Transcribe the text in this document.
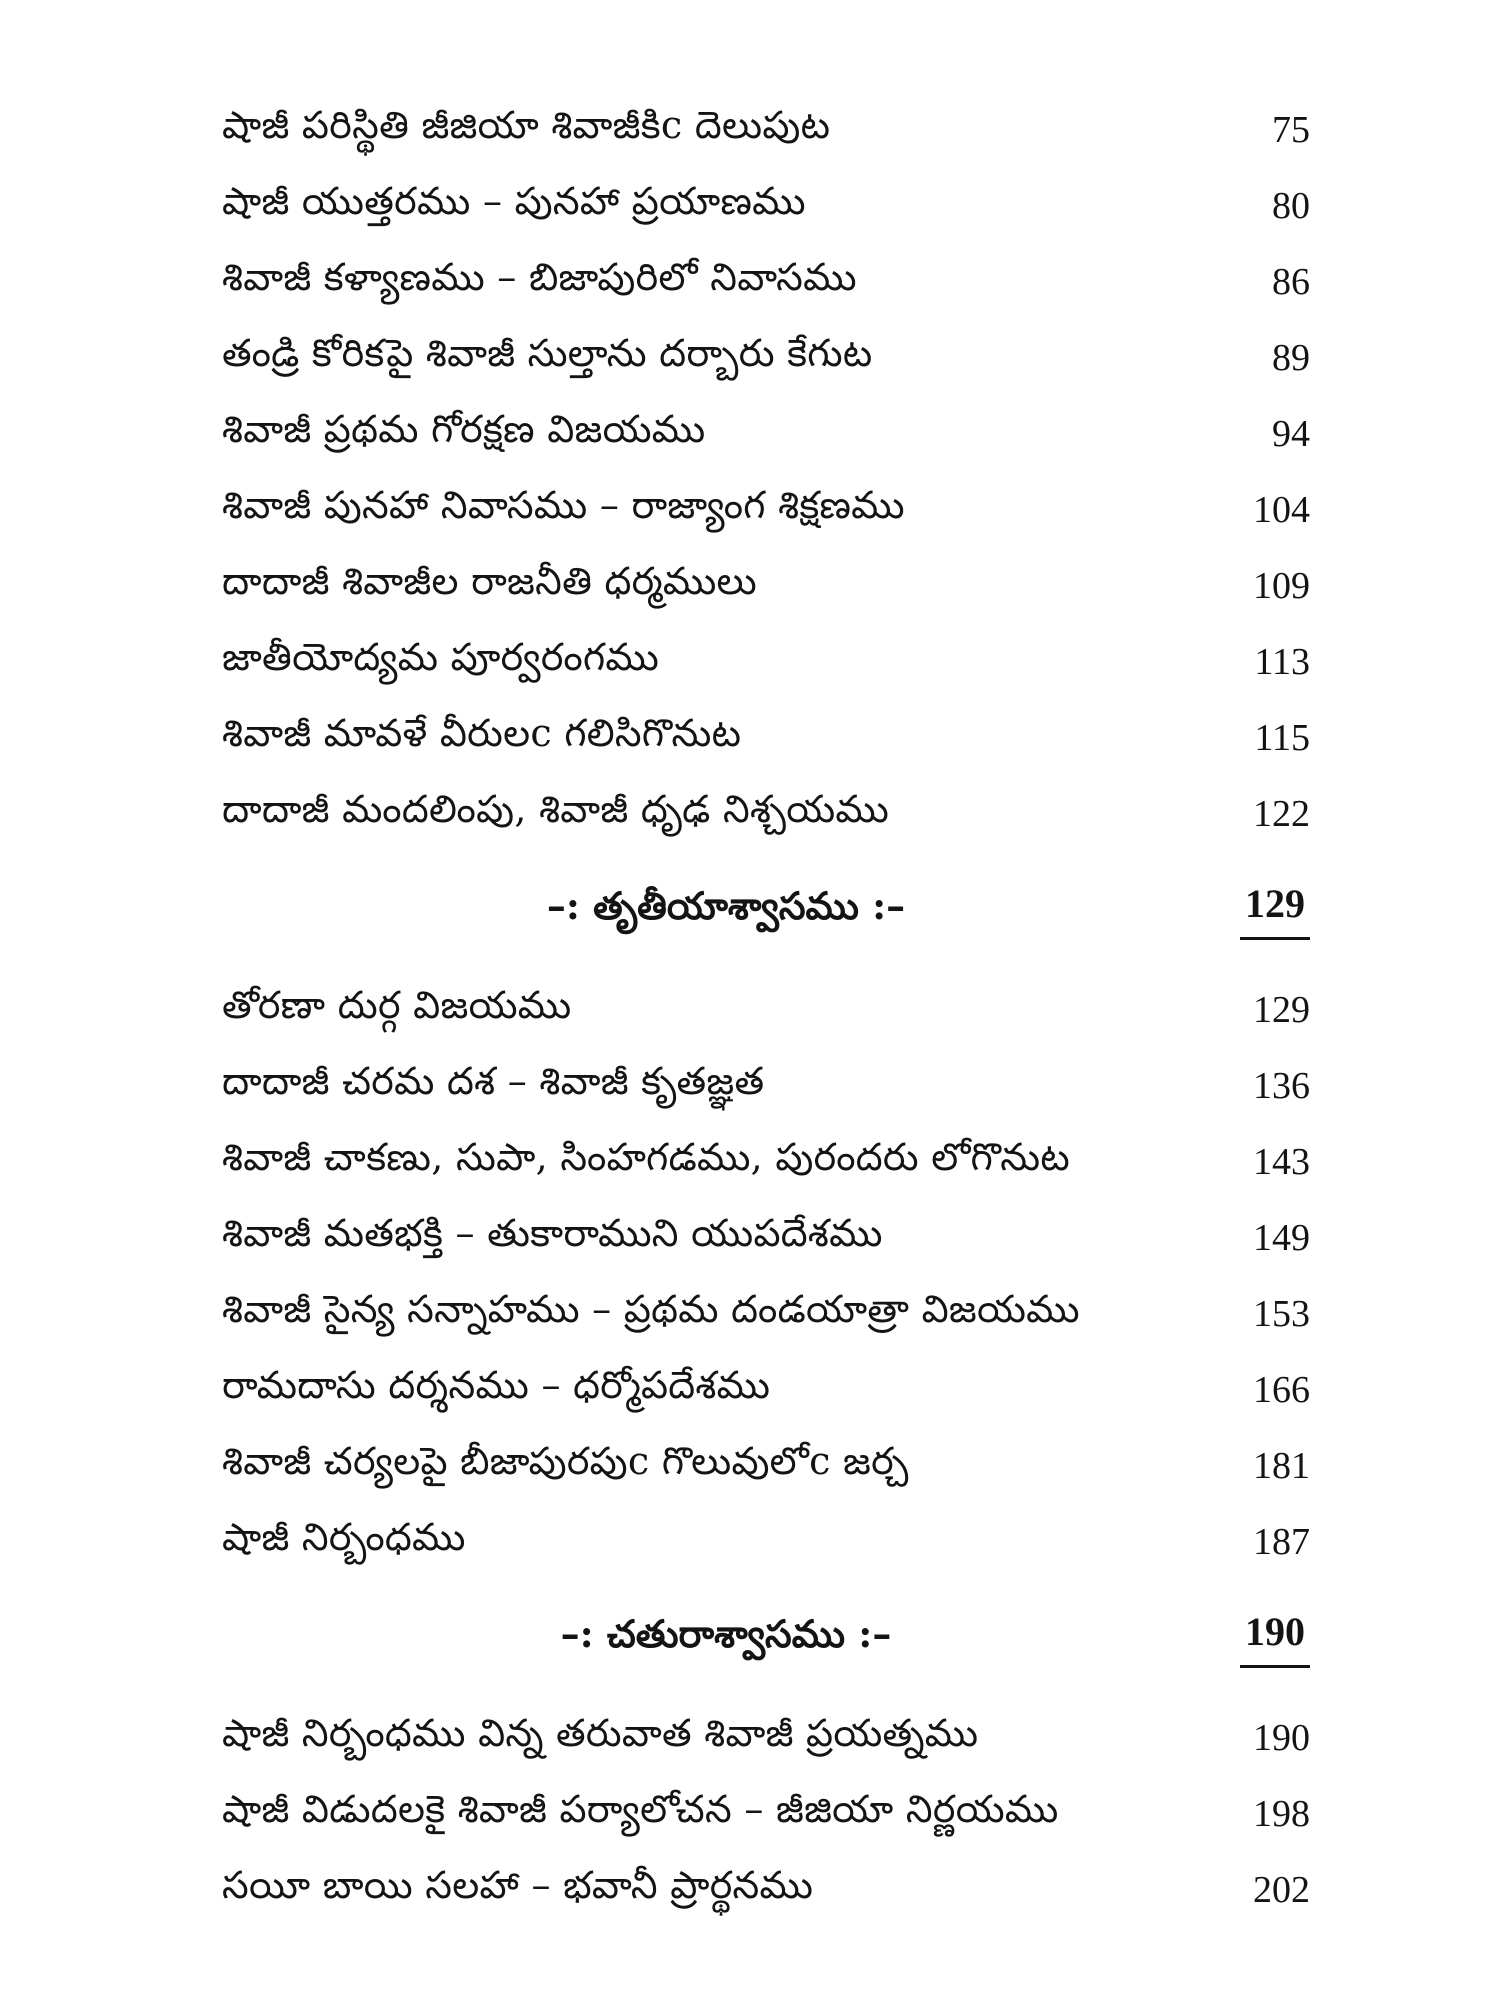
షాజీ పరిస్థితి జీజియా శివాజీకిc దెలుపుట	75
షాజీ యుత్తరము – పునహా ప్రయాణము	80
శివాజీ కళ్యాణము – బిజాపురిలో నివాసము	86
తండ్రి కోరికపై శివాజీ సుల్తాను దర్బారు కేగుట	89
శివాజీ ప్రథమ గోరక్షణ విజయము	94
శివాజీ పునహా నివాసము – రాజ్యాంగ శిక్షణము	104
దాదాజీ శివాజీల రాజనీతి ధర్మములు	109
జాతీయోద్యమ పూర్వరంగము	113
శివాజీ మావళే వీరులc గలిసిగొనుట	115
దాదాజీ మందలింపు, శివాజీ ధృఢ నిశ్చయము	122
–: తృతీయాశ్వాసము :–	129
తోరణా దుర్గ విజయము	129
దాదాజీ చరమ దశ – శివాజీ కృతజ్ఞత	136
శివాజీ చాకణు, సుపా, సింహగడము, పురందరు లోగొనుట	143
శివాజీ మతభక్తి – తుకారాముని యుపదేశము	149
శివాజీ సైన్య సన్నాహము – ప్రథమ దండయాత్రా విజయము	153
రామదాసు దర్శనము – ధర్మోపదేశము	166
శివాజీ చర్యలపై బీజాపురపుc గొలువులోc జర్చ	181
షాజీ నిర్బంధము	187
–: చతురాశ్వాసము :–	190
షాజీ నిర్బంధము విన్న తరువాత శివాజీ ప్రయత్నము	190
షాజీ విడుదలకై శివాజీ పర్యాలోచన – జీజియా నిర్ణయము	198
సయీ బాయి సలహా – భవానీ ప్రార్థనము	202
